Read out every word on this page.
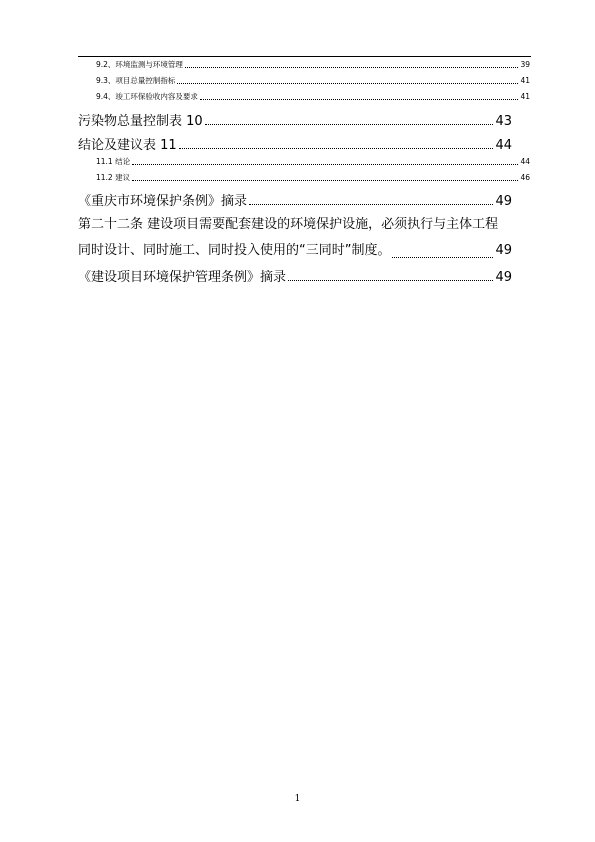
9.2、环境监测与环境管理	39
9.3、项目总量控制指标	41
9.4、竣工环保验收内容及要求	41
污染物总量控制表 10	43
结论及建议表 11	44
11.1 结论	44
11.2 建议	46
《重庆市环境保护条例》摘录	49
第二十二条 建设项目需要配套建设的环境保护设施，必须执行与主体工程
同时设计、同时施工、同时投入使用的“三同时”制度。	49
《建设项目环境保护管理条例》摘录	49
1
